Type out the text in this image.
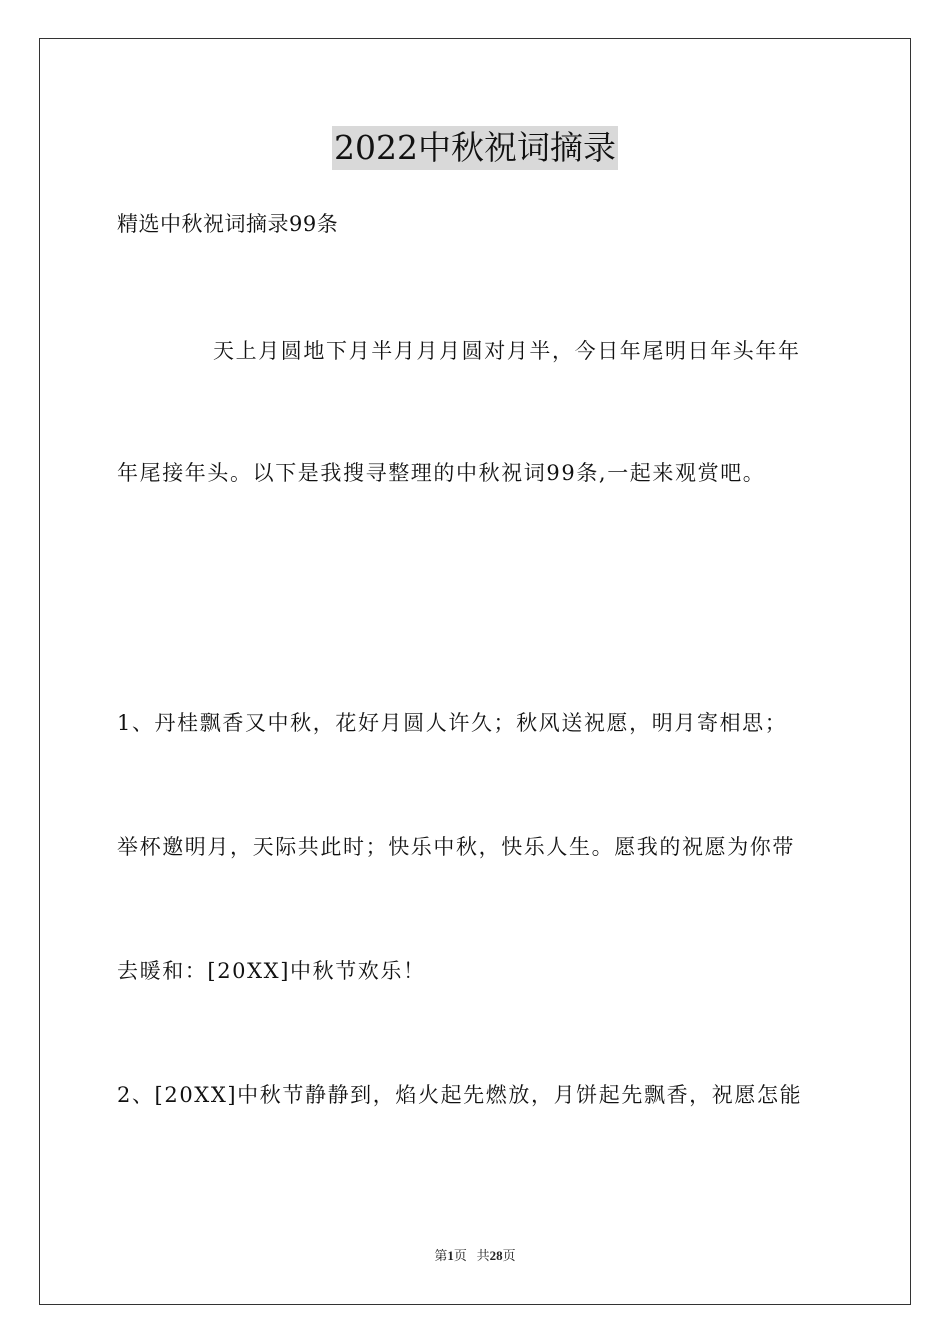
2022中秋祝词摘录
精选中秋祝词摘录99条
天上月圆地下月半月月月圆对月半，今日年尾明日年头年年
年尾接年头。以下是我搜寻整理的中秋祝词99条,一起来观赏吧。
1、丹桂飘香又中秋，花好月圆人许久；秋风送祝愿，明月寄相思；
举杯邀明月，天际共此时；快乐中秋，快乐人生。愿我的祝愿为你带
去暖和：[20XX]中秋节欢乐！
2、[20XX]中秋节静静到，焰火起先燃放，月饼起先飘香，祝愿怎能
第1页 共28页
